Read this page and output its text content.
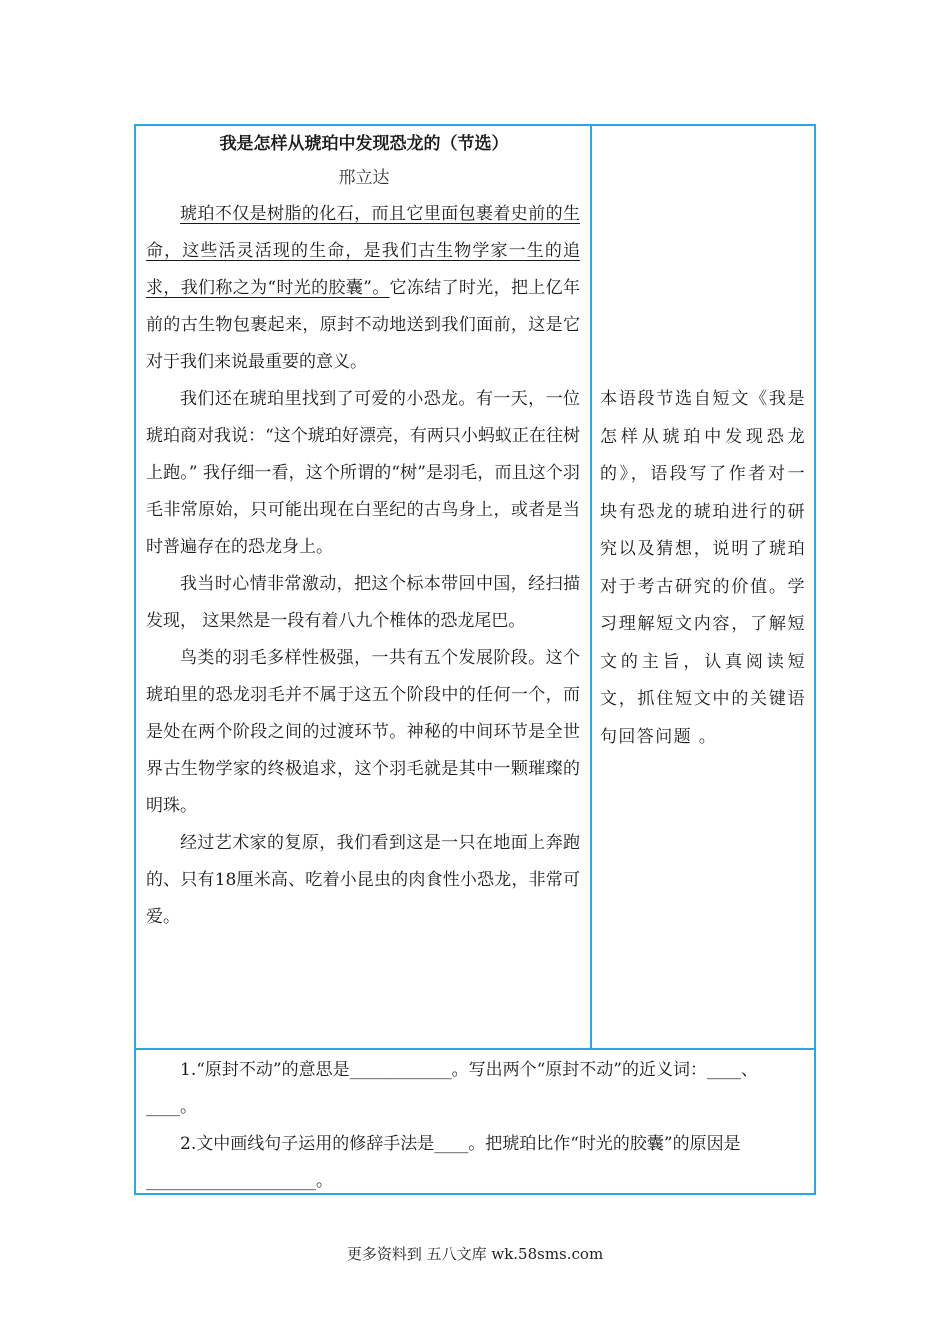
我是怎样从琥珀中发现恐龙的（节选）
邢立达

琥珀不仅是树脂的化石，而且它里面包裹着史前的生命，这些活灵活现的生命，是我们古生物学家一生的追求，我们称之为“时光的胶囊”。它冻结了时光，把上亿年前的古生物包裹起来，原封不动地送到我们面前，这是它对于我们来说最重要的意义。

我们还在琥珀里找到了可爱的小恐龙。有一天，一位琥珀商对我说：“这个琥珀好漂亮，有两只小蚂蚁正在往树上跑。” 我仔细一看，这个所谓的“树”是羽毛，而且这个羽毛非常原始，只可能出现在白垩纪的古鸟身上，或者是当时普遍存在的恐龙身上。

我当时心情非常激动，把这个标本带回中国，经扫描发现， 这果然是一段有着八九个椎体的恐龙尾巴。

鸟类的羽毛多样性极强，一共有五个发展阶段。这个琥珀里的恐龙羽毛并不属于这五个阶段中的任何一个，而是处在两个阶段之间的过渡环节。神秘的中间环节是全世界古生物学家的终极追求，这个羽毛就是其中一颗璀璨的明珠。

经过艺术家的复原，我们看到这是一只在地面上奔跑的、只有18厘米高、吃着小昆虫的肉食性小恐龙，非常可爱。

本语段节选自短文《我是怎样从琥珀中发现恐龙的》，语段写了作者对一块有恐龙的琥珀进行的研究以及猜想，说明了琥珀对于考古研究的价值。学习理解短文内容，了解短文的主旨，认真阅读短文，抓住短文中的关键语句回答问题 。

1.“原封不动”的意思是____________。写出两个“原封不动”的近义词：____、____。

2.文中画线句子运用的修辞手法是____。把琥珀比作“时光的胶囊”的原因是____________________。

更多资料到 五八文库 wk.58sms.com
